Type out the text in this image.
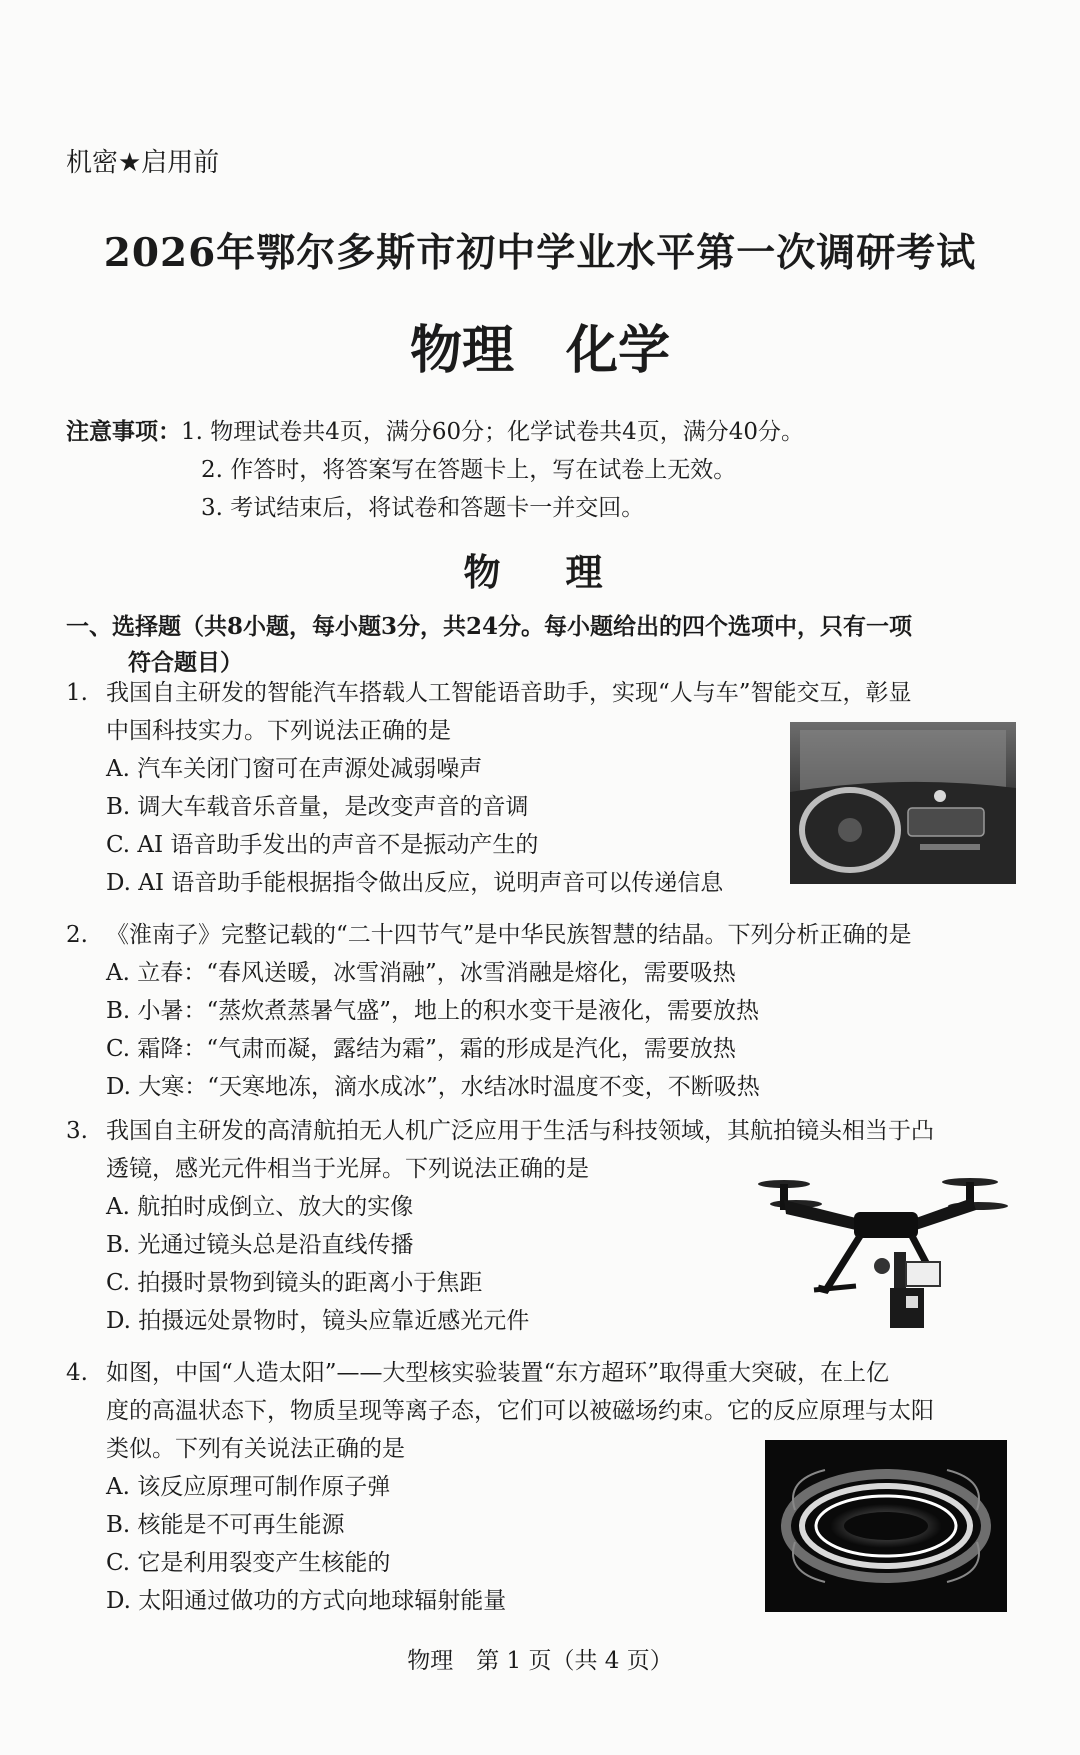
机密★启用前
2026年鄂尔多斯市初中学业水平第一次调研考试
物理　化学
注意事项：1. 物理试卷共4页，满分60分；化学试卷共4页，满分40分。
2. 作答时，将答案写在答题卡上，写在试卷上无效。
3. 考试结束后，将试卷和答题卡一并交回。
物　理
一、选择题（共8小题，每小题3分，共24分。每小题给出的四个选项中，只有一项
符合题目）
1. 我国自主研发的智能汽车搭载人工智能语音助手，实现“人与车”智能交互，彰显
中国科技实力。下列说法正确的是
A. 汽车关闭门窗可在声源处减弱噪声
B. 调大车载音乐音量，是改变声音的音调
C. AI 语音助手发出的声音不是振动产生的
D. AI 语音助手能根据指令做出反应，说明声音可以传递信息
2. 《淮南子》完整记载的“二十四节气”是中华民族智慧的结晶。下列分析正确的是
A. 立春：“春风送暖，冰雪消融”，冰雪消融是熔化，需要吸热
B. 小暑：“蒸炊煮蒸暑气盛”，地上的积水变干是液化，需要放热
C. 霜降：“气肃而凝，露结为霜”，霜的形成是汽化，需要放热
D. 大寒：“天寒地冻，滴水成冰”，水结冰时温度不变，不断吸热
3. 我国自主研发的高清航拍无人机广泛应用于生活与科技领域，其航拍镜头相当于凸
透镜，感光元件相当于光屏。下列说法正确的是
A. 航拍时成倒立、放大的实像
B. 光通过镜头总是沿直线传播
C. 拍摄时景物到镜头的距离小于焦距
D. 拍摄远处景物时，镜头应靠近感光元件
4. 如图，中国“人造太阳”——大型核实验装置“东方超环”取得重大突破，在上亿
度的高温状态下，物质呈现等离子态，它们可以被磁场约束。它的反应原理与太阳
类似。下列有关说法正确的是
A. 该反应原理可制作原子弹
B. 核能是不可再生能源
C. 它是利用裂变产生核能的
D. 太阳通过做功的方式向地球辐射能量
物理　第 1 页（共 4 页）
